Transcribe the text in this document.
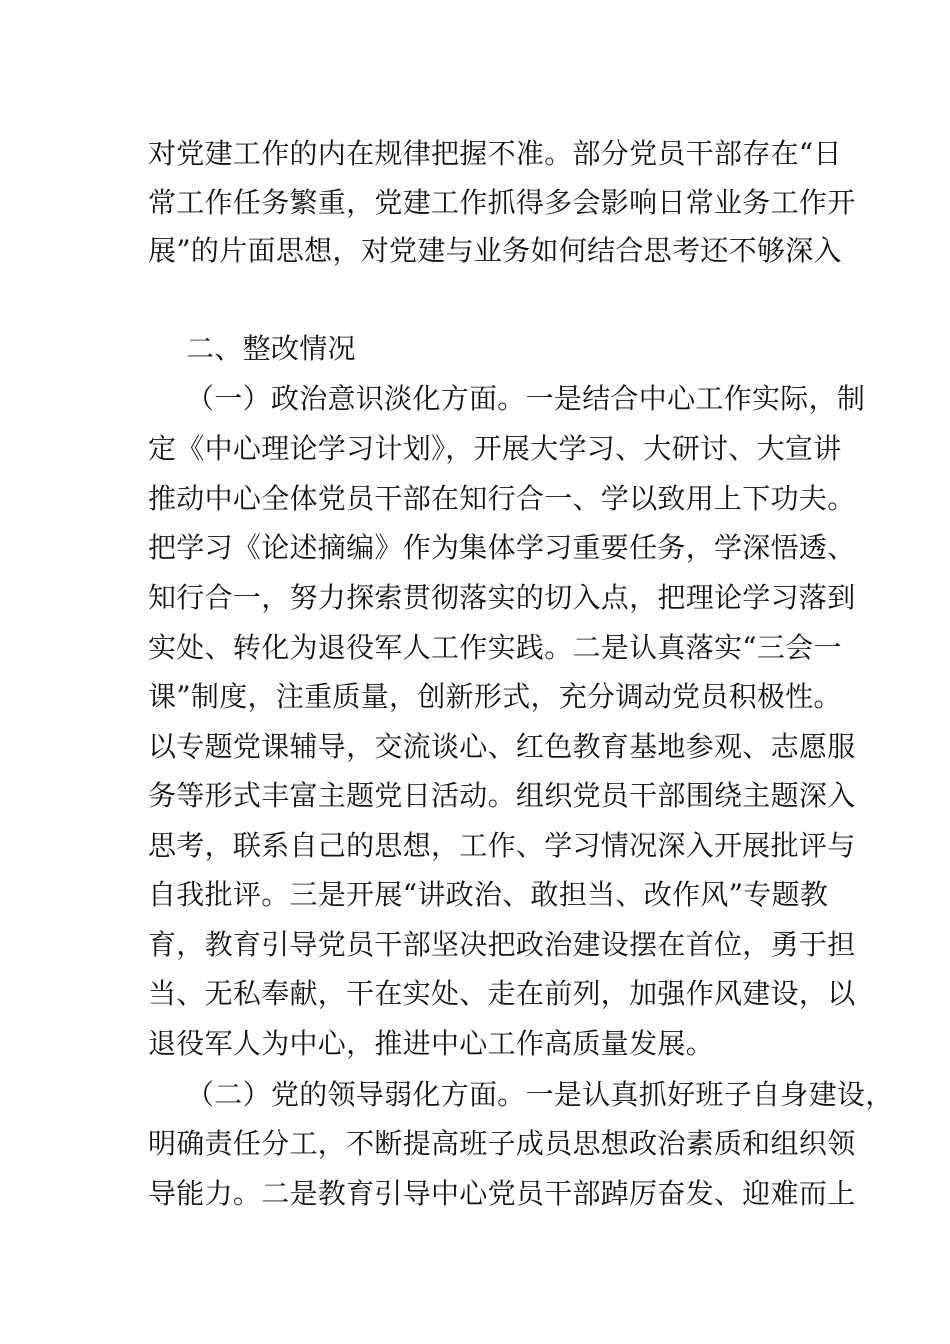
对党建工作的内在规律把握不准。部分党员干部存在“日
常工作任务繁重，党建工作抓得多会影响日常业务工作开
展”的片面思想，对党建与业务如何结合思考还不够深入
二、整改情况
（一）政治意识淡化方面。一是结合中心工作实际，制
定《中心理论学习计划》，开展大学习、大研讨、大宣讲
推动中心全体党员干部在知行合一、学以致用上下功夫。
把学习《论述摘编》作为集体学习重要任务，学深悟透、
知行合一，努力探索贯彻落实的切入点，把理论学习落到
实处、转化为退役军人工作实践。二是认真落实“三会一
课”制度，注重质量，创新形式，充分调动党员积极性。
以专题党课辅导，交流谈心、红色教育基地参观、志愿服
务等形式丰富主题党日活动。组织党员干部围绕主题深入
思考，联系自己的思想，工作、学习情况深入开展批评与
自我批评。三是开展“讲政治、敢担当、改作风”专题教
育，教育引导党员干部坚决把政治建设摆在首位，勇于担
当、无私奉献，干在实处、走在前列，加强作风建设，以
退役军人为中心，推进中心工作高质量发展。
（二）党的领导弱化方面。一是认真抓好班子自身建设，
明确责任分工，不断提高班子成员思想政治素质和组织领
导能力。二是教育引导中心党员干部踔厉奋发、迎难而上
